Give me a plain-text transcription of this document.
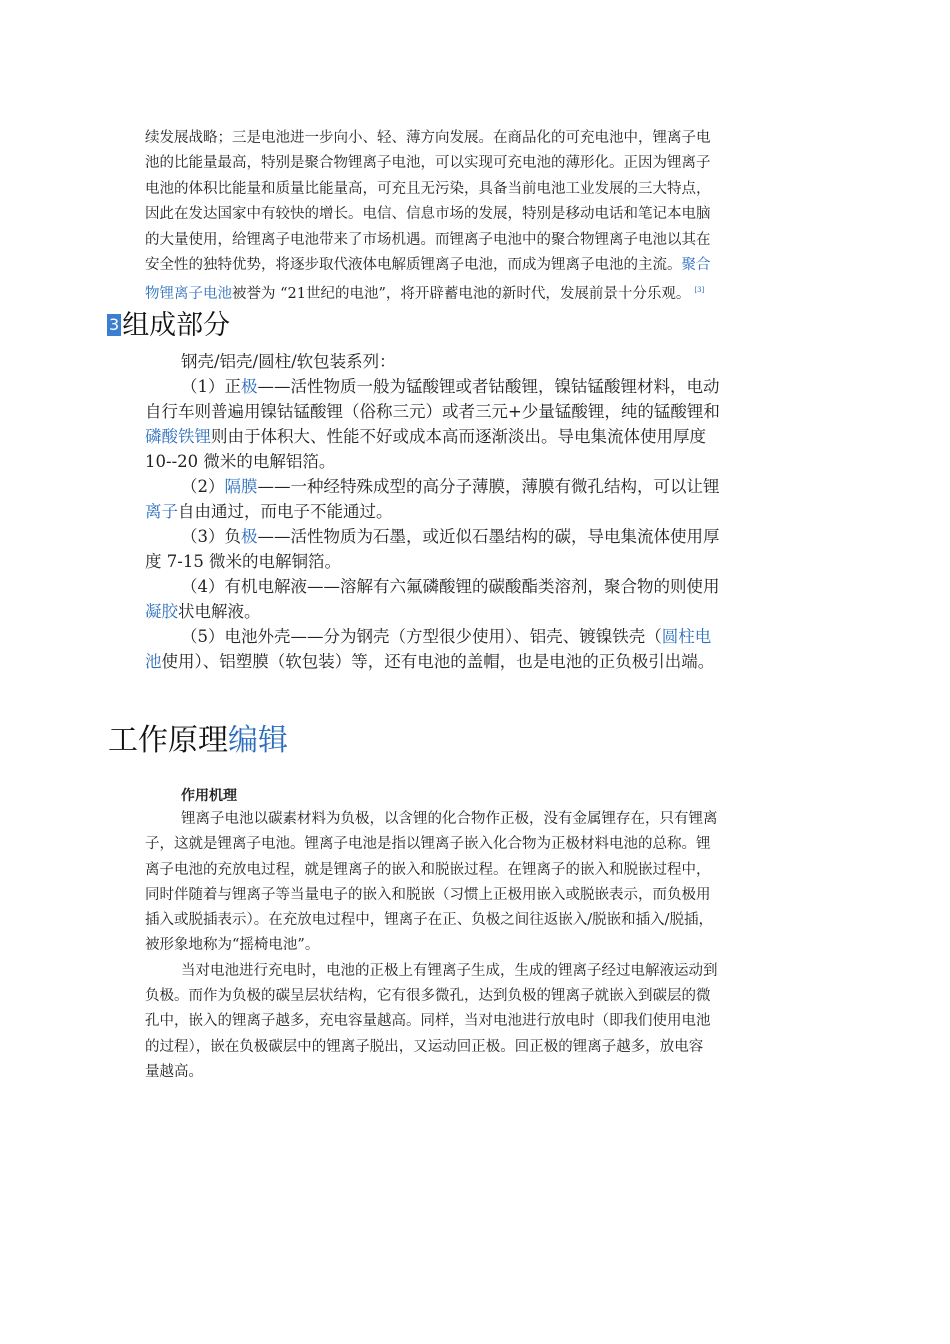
续发展战略；三是电池进一步向小、轻、薄方向发展。在商品化的可充电池中，锂离子电
池的比能量最高，特别是聚合物锂离子电池，可以实现可充电池的薄形化。正因为锂离子
电池的体积比能量和质量比能量高，可充且无污染，具备当前电池工业发展的三大特点，
因此在发达国家中有较快的增长。电信、信息市场的发展，特别是移动电话和笔记本电脑
的大量使用，给锂离子电池带来了市场机遇。而锂离子电池中的聚合物锂离子电池以其在
安全性的独特优势，将逐步取代液体电解质锂离子电池，而成为锂离子电池的主流。聚合
物锂离子电池被誉为 “21世纪的电池”，将开辟蓄电池的新时代，发展前景十分乐观。 [3]
3 组成部分
钢壳/铝壳/圆柱/软包装系列：
（1）正极——活性物质一般为锰酸锂或者钴酸锂，镍钴锰酸锂材料，电动
自行车则普遍用镍钴锰酸锂（俗称三元）或者三元+少量锰酸锂，纯的锰酸锂和
磷酸铁锂则由于体积大、性能不好或成本高而逐渐淡出。导电集流体使用厚度
10--20 微米的电解铝箔。
（2）隔膜——一种经特殊成型的高分子薄膜，薄膜有微孔结构，可以让锂
离子自由通过，而电子不能通过。
（3）负极——活性物质为石墨，或近似石墨结构的碳，导电集流体使用厚
度 7-15 微米的电解铜箔。
（4）有机电解液——溶解有六氟磷酸锂的碳酸酯类溶剂，聚合物的则使用
凝胶状电解液。
（5）电池外壳——分为钢壳（方型很少使用）、铝壳、镀镍铁壳（圆柱电
池使用）、铝塑膜（软包装）等，还有电池的盖帽，也是电池的正负极引出端。
工作原理编辑
作用机理
锂离子电池以碳素材料为负极，以含锂的化合物作正极，没有金属锂存在，只有锂离
子，这就是锂离子电池。锂离子电池是指以锂离子嵌入化合物为正极材料电池的总称。锂
离子电池的充放电过程，就是锂离子的嵌入和脱嵌过程。在锂离子的嵌入和脱嵌过程中，
同时伴随着与锂离子等当量电子的嵌入和脱嵌（习惯上正极用嵌入或脱嵌表示，而负极用
插入或脱插表示）。在充放电过程中，锂离子在正、负极之间往返嵌入/脱嵌和插入/脱插，
被形象地称为“摇椅电池”。
当对电池进行充电时，电池的正极上有锂离子生成，生成的锂离子经过电解液运动到
负极。而作为负极的碳呈层状结构，它有很多微孔，达到负极的锂离子就嵌入到碳层的微
孔中，嵌入的锂离子越多，充电容量越高。同样，当对电池进行放电时（即我们使用电池
的过程），嵌在负极碳层中的锂离子脱出，又运动回正极。回正极的锂离子越多，放电容
量越高。
